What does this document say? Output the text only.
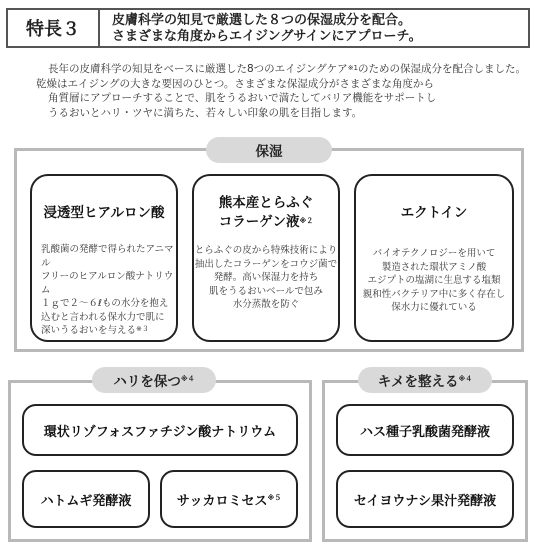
特長３	皮膚科学の知見で厳選した８つの保湿成分を配合。
さまざまな角度からエイジングサインにアプローチ。

長年の皮膚科学の知見をベースに厳選した8つのエイジングケア$^{※1}$のための保湿成分を配合しました。

乾燥はエイジングの大きな要因のひとつ。さまざまな保湿成分がさまざまな角度から

角質層にアプローチすることで、肌をうるおいで満たしてバリア機能をサポートし

うるおいとハリ・ツヤに満ちた、若々しい印象の肌を目指します。

保湿
浸透型ヒアルロン酸
乳酸菌の発酵で得られたアニマル
フリーのヒアルロン酸ナトリウム
１ｇで２～６ℓもの水分を抱え
込むと言われる保水力で肌に
深いうるおいを与える$^{※3}$
熊本産とらふぐ
コラーゲン液$^{※2}$
とらふぐの皮から特殊技術により
抽出したコラーゲンをコウジ菌で
発酵。高い保湿力を持ち
肌をうるおいベールで包み
水分蒸散を防ぐ
エクトイン
バイオテクノロジーを用いて
製造された環状アミノ酸
エジプトの塩湖に生息する塩類
親和性バクテリア中に多く存在し
保水力に優れている
ハリを保つ$^{※4}$
環状リゾフォスファチジン酸ナトリウム
ハトムギ発酵液	サッカロミセス$^{※5}$
キメを整える$^{※4}$
ハス種子乳酸菌発酵液
セイヨウナシ果汁発酵液
